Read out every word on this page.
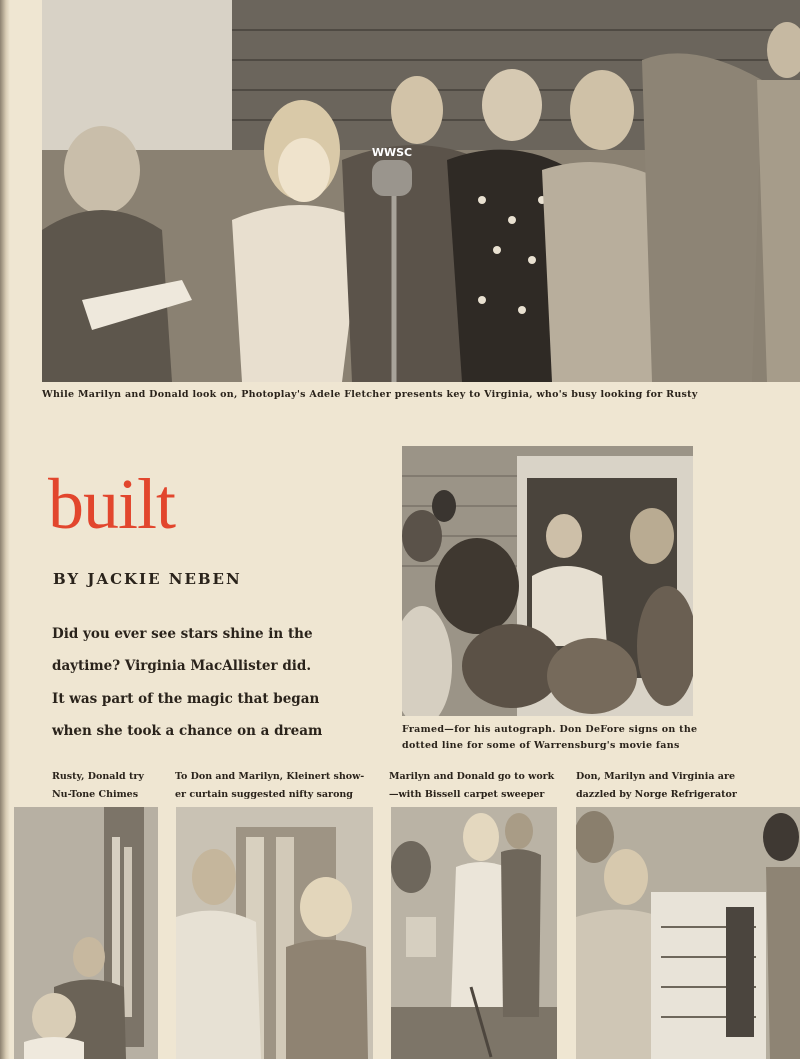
WWSC
While Marilyn and Donald look on, Photoplay's Adele Fletcher presents key to Virginia, who's busy looking for Rusty
built

BY JACKIE NEBEN

Did you ever see stars shine in the
daytime? Virginia MacAllister did.
It was part of the magic that began
when she took a chance on a dream	Framed—for his autograph. Don DeFore signs on the
dotted line for some of Warrensburg's movie fans
Rusty, Donald try
Nu-Tone Chimes
To Don and Marilyn, Kleinert show-
er curtain suggested nifty sarong
Marilyn and Donald go to work
—with Bissell carpet sweeper
Don, Marilyn and Virginia are
dazzled by Norge Refrigerator
